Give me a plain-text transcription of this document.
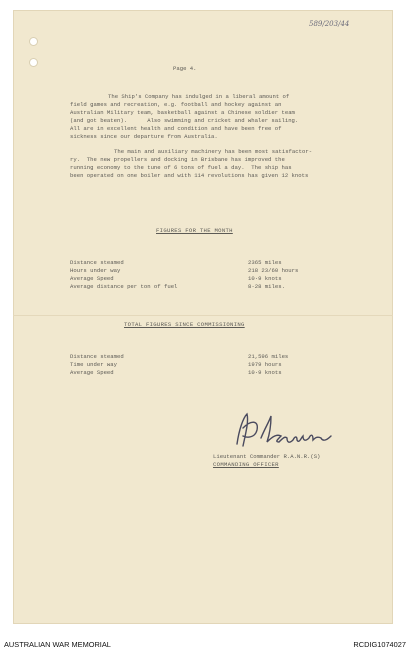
589/203/44
Page 4.
The Ship's Company has indulged in a liberal amount of
field games and recreation, e.g. football and hockey against an
Australian Military team, basketball against a Chinese soldier team
(and got beaten).      Also swimming and cricket and whaler sailing.
All are in excellent health and condition and have been free of
sickness since our departure from Australia.
The main and auxiliary machinery has been most satisfactor-
ry.  The new propellers and docking in Brisbane has improved the
running economy to the tune of 6 tons of fuel a day.  The ship has
been operated on one boiler and with 114 revolutions has given 12 knots
FIGURES FOR THE MONTH
Distance steamed	2365 miles
Hours under way	218 23/60 hours
Average Speed	10·9 knots
Average distance per ton of fuel	8·28 miles.
TOTAL FIGURES SINCE COMMISSIONING
Distance steamed	21,596 miles
Time under way	1979 hours
Average Speed	10·9 knots
Lieutenant Commander R.A.N.R.(S)
COMMANDING OFFICER
AUSTRALIAN WAR MEMORIAL	RCDIG1074027
